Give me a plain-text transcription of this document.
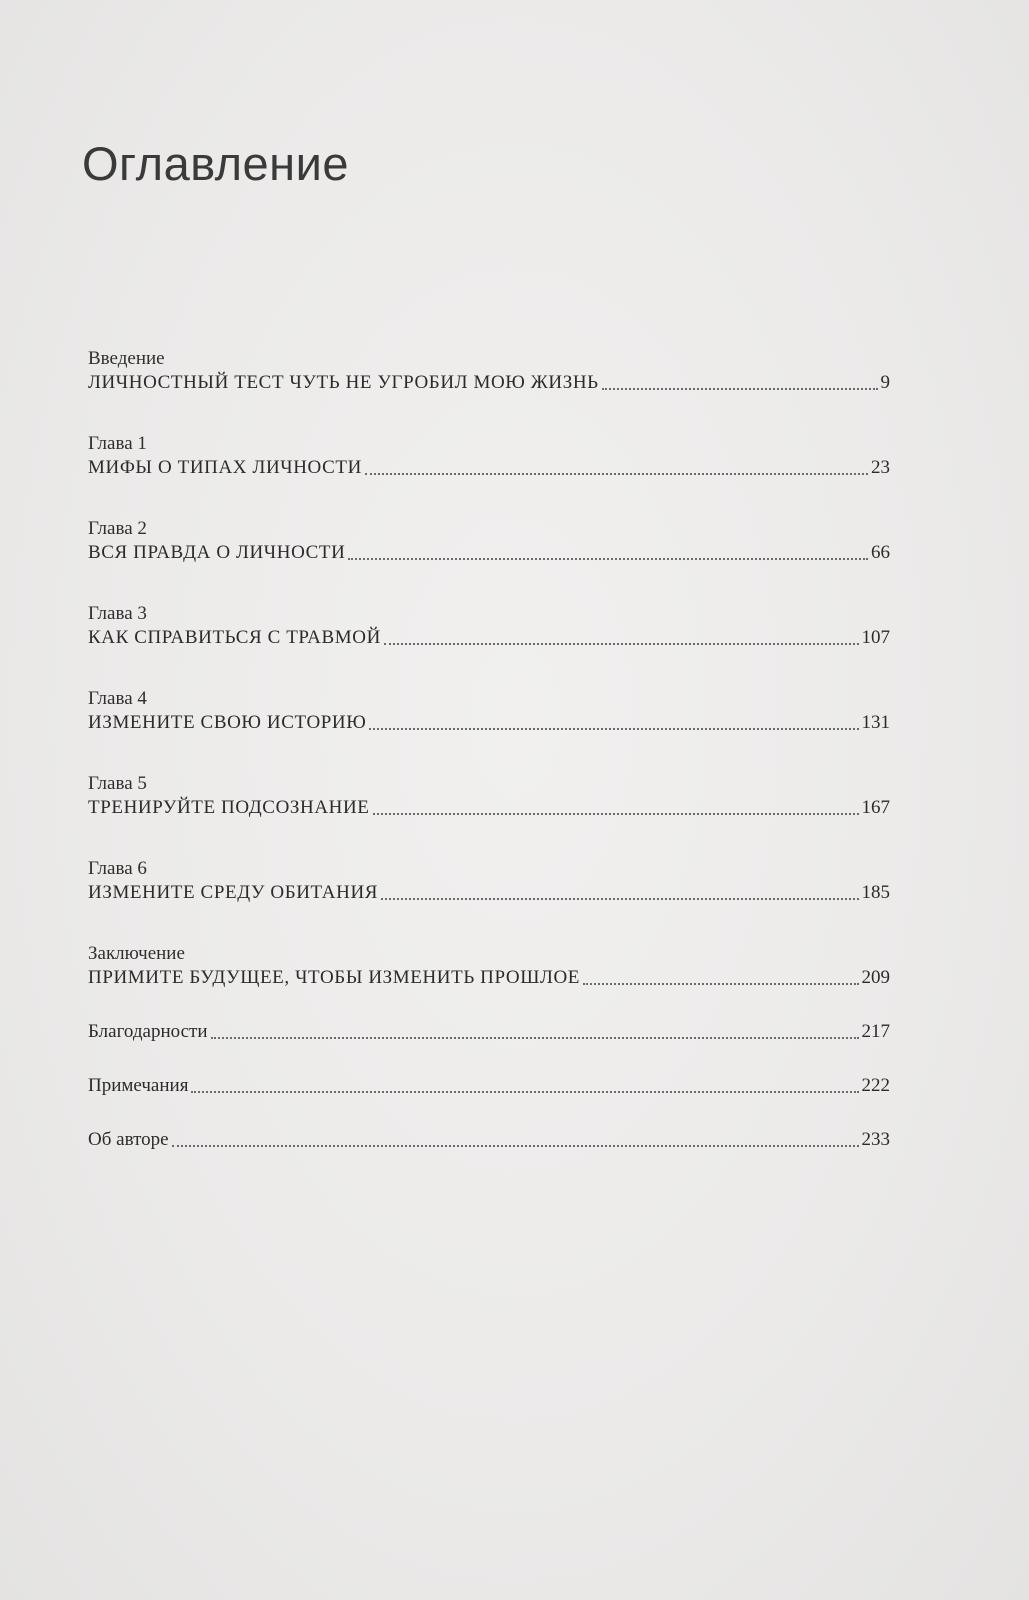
Оглавление
Введение
ЛИЧНОСТНЫЙ ТЕСТ ЧУТЬ НЕ УГРОБИЛ МОЮ ЖИЗНЬ	9
Глава 1
МИФЫ О ТИПАХ ЛИЧНОСТИ	23
Глава 2
ВСЯ ПРАВДА О ЛИЧНОСТИ	66
Глава 3
КАК СПРАВИТЬСЯ С ТРАВМОЙ	107
Глава 4
ИЗМЕНИТЕ СВОЮ ИСТОРИЮ	131
Глава 5
ТРЕНИРУЙТЕ ПОДСОЗНАНИЕ	167
Глава 6
ИЗМЕНИТЕ СРЕДУ ОБИТАНИЯ	185
Заключение
ПРИМИТЕ БУДУЩЕЕ, ЧТОБЫ ИЗМЕНИТЬ ПРОШЛОЕ	209
Благодарности	217
Примечания	222
Об авторе	233
